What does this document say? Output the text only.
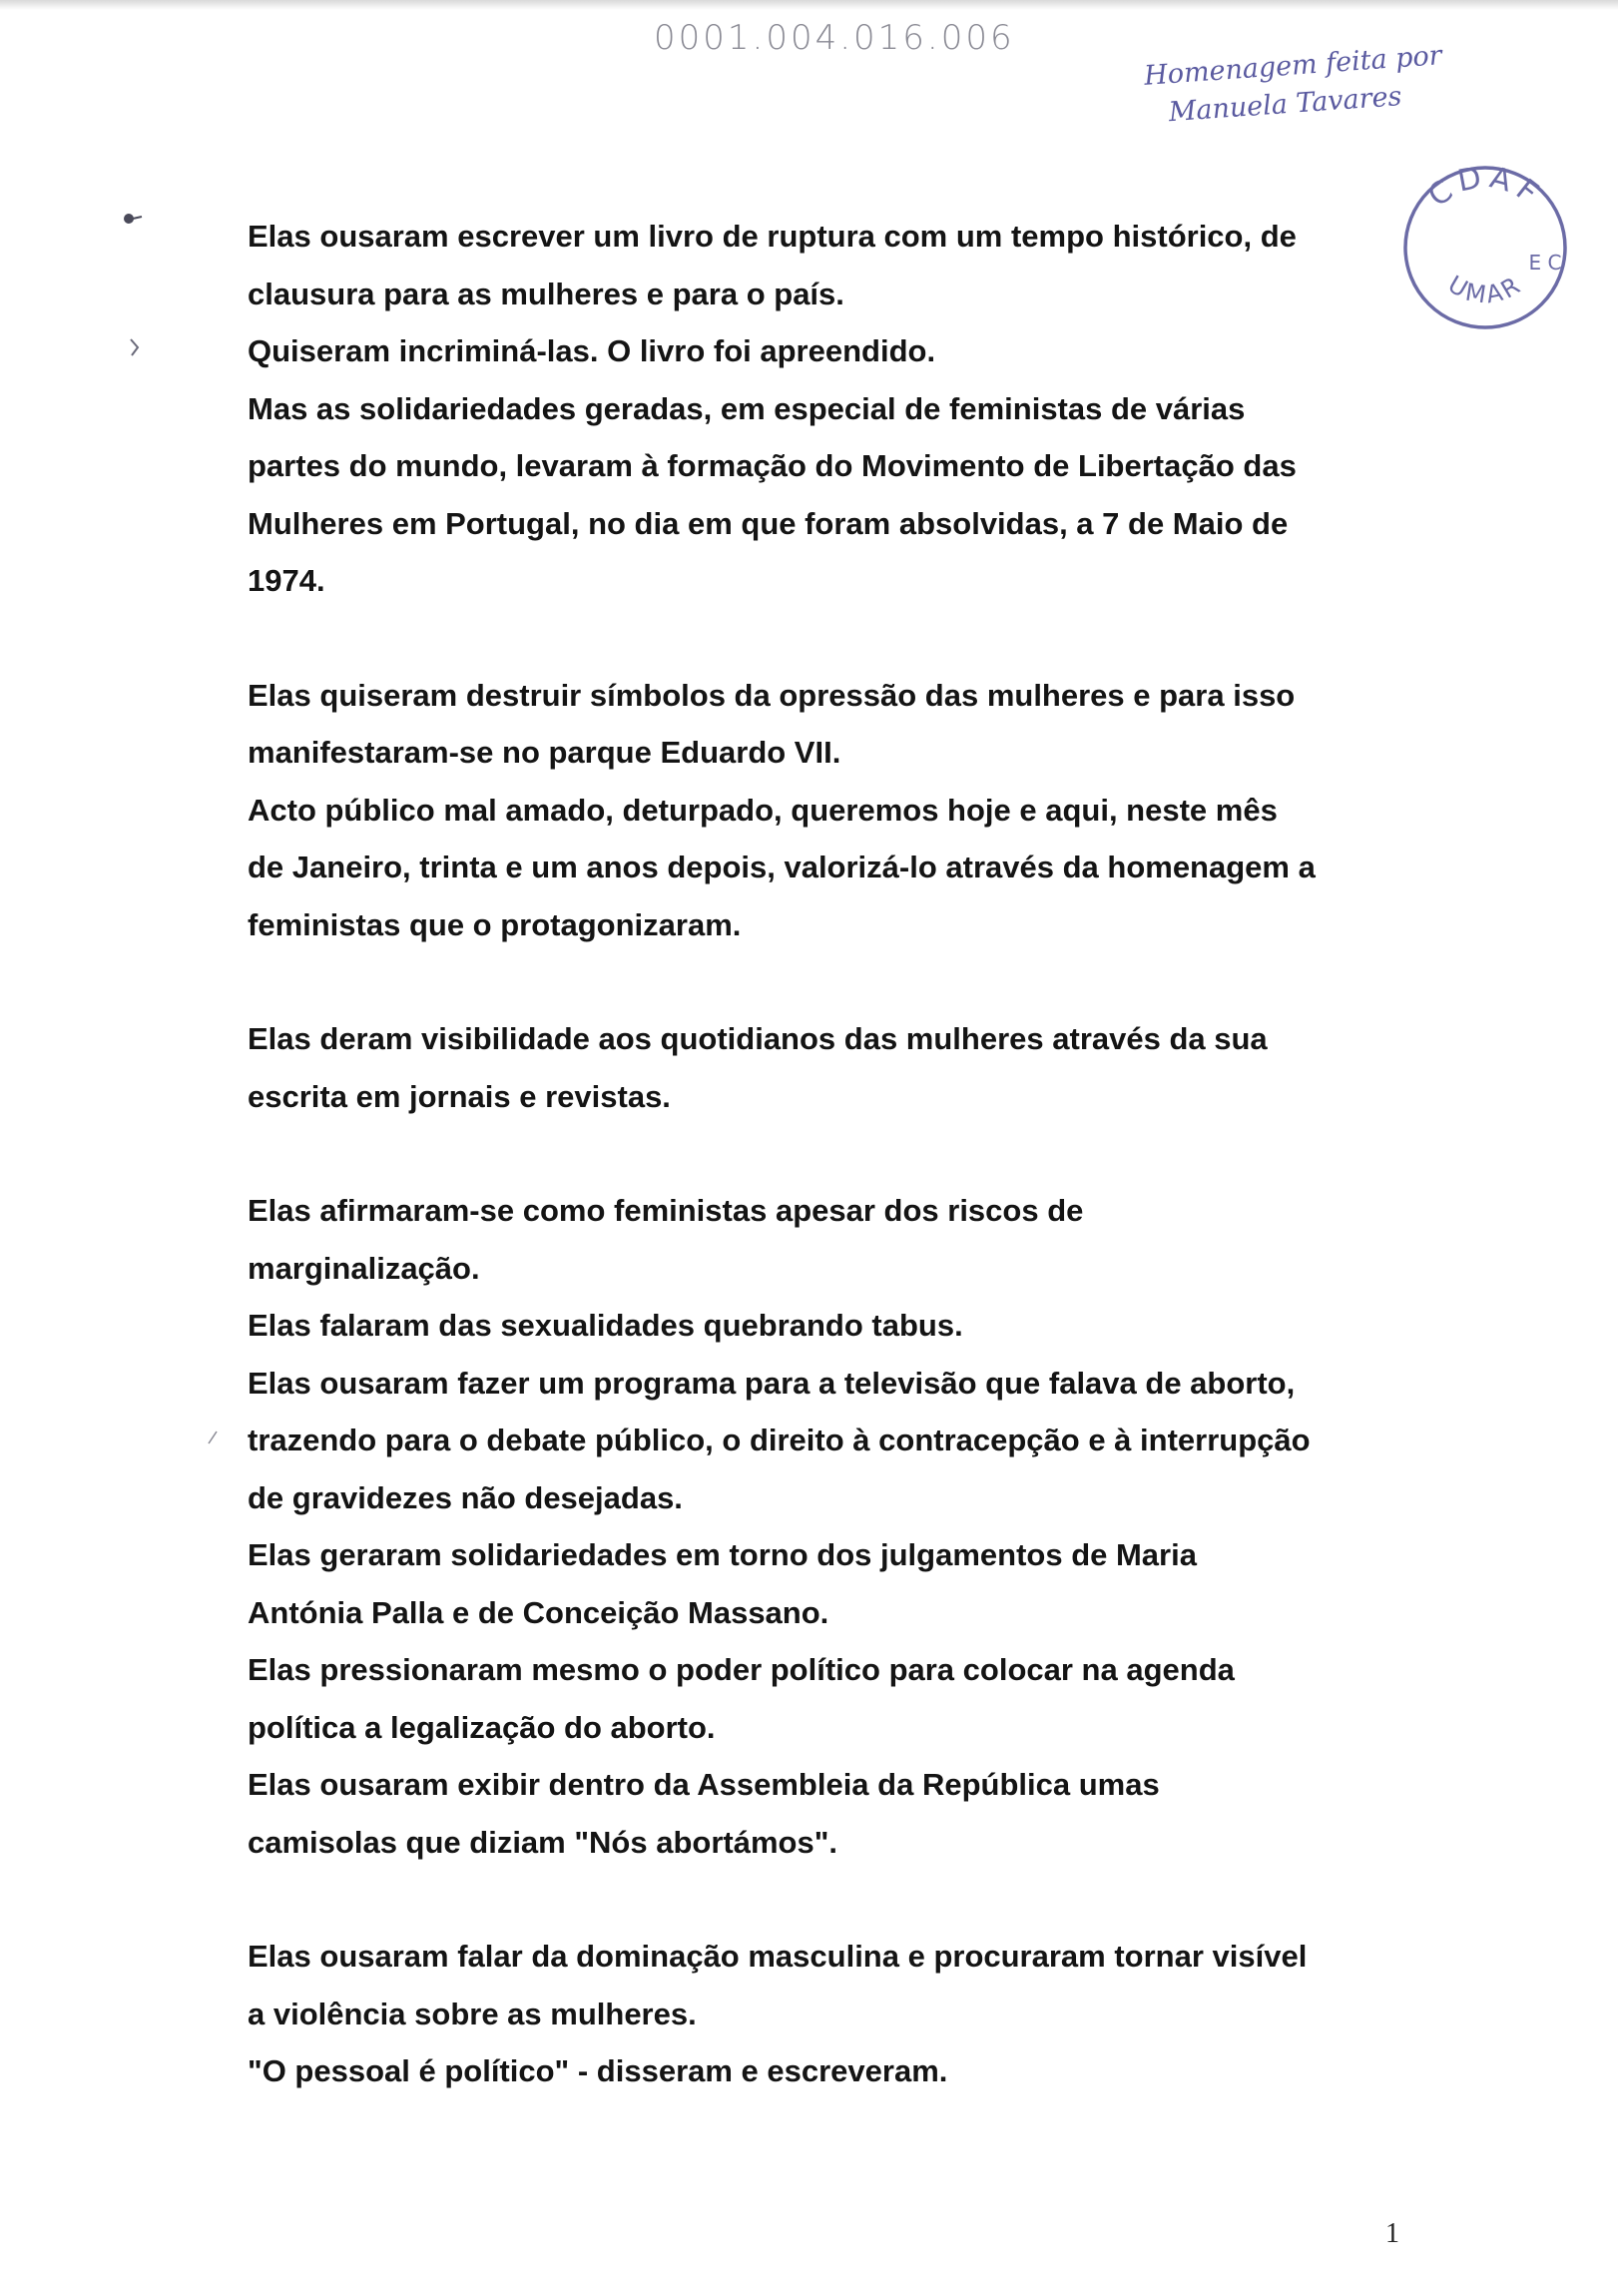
0001.004.016.006
Homenagem feita por
Manuela Tavares
CDAF
E C
UMAR

Elas ousaram escrever um livro de ruptura com um tempo histórico, de

clausura para as mulheres e para o país.

Quiseram incriminá-las. O livro foi apreendido.

Mas as solidariedades geradas, em especial de feministas de várias

partes do mundo, levaram à formação do Movimento de Libertação das

Mulheres em Portugal, no dia em que foram absolvidas, a 7 de Maio de

1974.

Elas quiseram destruir símbolos da opressão das mulheres e para isso

manifestaram-se no parque Eduardo VII.

Acto público mal amado, deturpado, queremos hoje e aqui, neste mês

de Janeiro, trinta e um anos depois, valorizá-lo através da homenagem a

feministas que o protagonizaram.

Elas deram visibilidade aos quotidianos das mulheres através da sua

escrita em jornais e revistas.

Elas afirmaram-se como feministas apesar dos riscos de

marginalização.

Elas falaram das sexualidades quebrando tabus.

Elas ousaram fazer um programa para a televisão que falava de aborto,

trazendo para o debate público, o direito à contracepção e à interrupção

de gravidezes não desejadas.

Elas geraram solidariedades em torno dos julgamentos de Maria

Antónia Palla e de Conceição Massano.

Elas pressionaram mesmo o poder político para colocar na agenda

política a legalização do aborto.

Elas ousaram exibir dentro da Assembleia da República umas

camisolas que diziam "Nós abortámos".

Elas ousaram falar da dominação masculina e procuraram tornar visível

a violência sobre as mulheres.

"O pessoal é político" - disseram e escreveram.

1
